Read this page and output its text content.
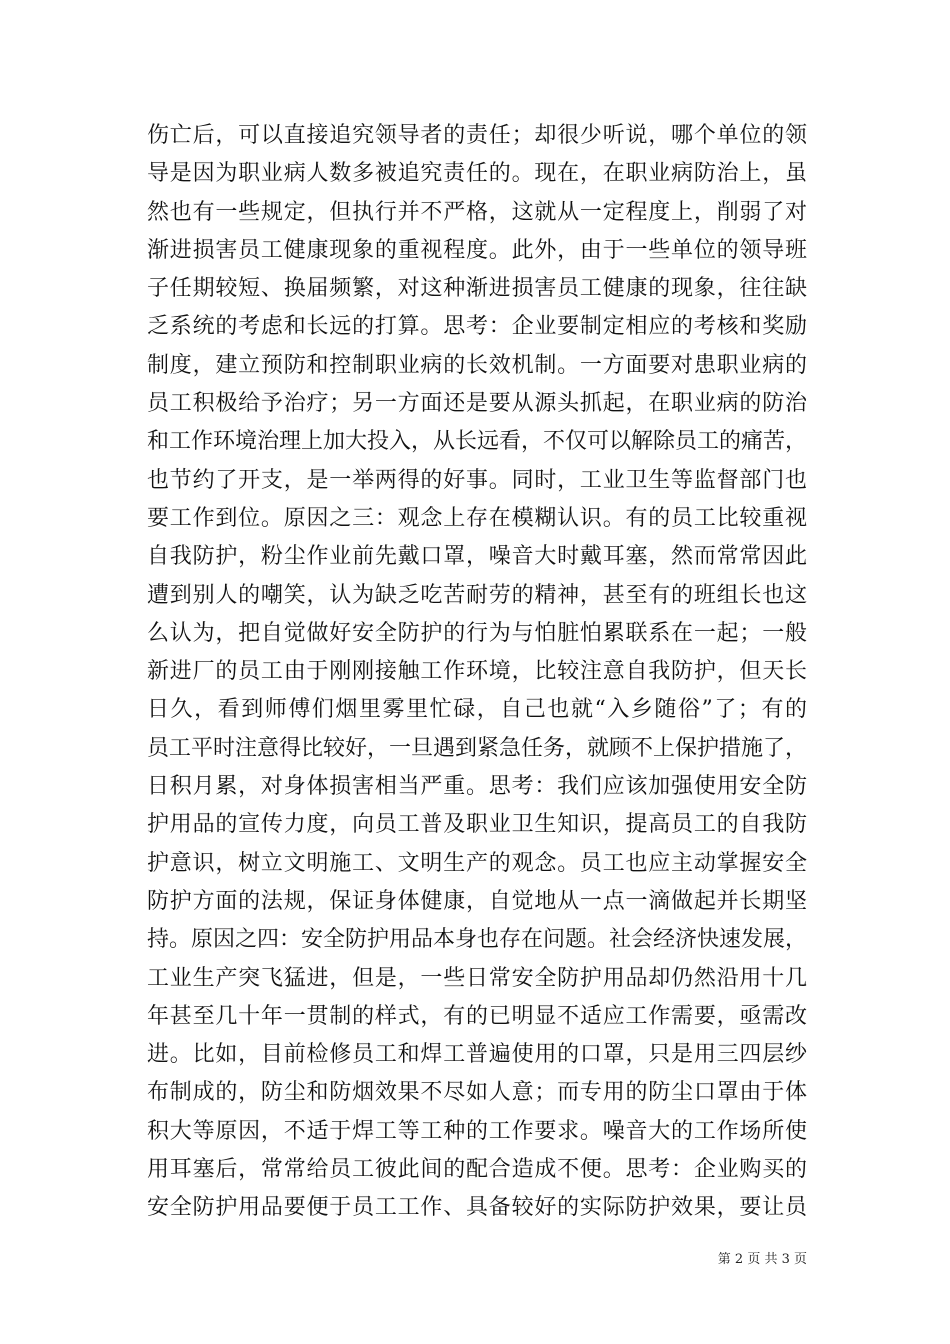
伤亡后，可以直接追究领导者的责任；却很少听说，哪个单位的领
导是因为职业病人数多被追究责任的。现在，在职业病防治上，虽
然也有一些规定，但执行并不严格，这就从一定程度上，削弱了对
渐进损害员工健康现象的重视程度。此外，由于一些单位的领导班
子任期较短、换届频繁，对这种渐进损害员工健康的现象，往往缺
乏系统的考虑和长远的打算。思考：企业要制定相应的考核和奖励
制度，建立预防和控制职业病的长效机制。一方面要对患职业病的
员工积极给予治疗；另一方面还是要从源头抓起，在职业病的防治
和工作环境治理上加大投入，从长远看，不仅可以解除员工的痛苦，
也节约了开支，是一举两得的好事。同时，工业卫生等监督部门也
要工作到位。原因之三：观念上存在模糊认识。有的员工比较重视
自我防护，粉尘作业前先戴口罩，噪音大时戴耳塞，然而常常因此
遭到别人的嘲笑，认为缺乏吃苦耐劳的精神，甚至有的班组长也这
么认为，把自觉做好安全防护的行为与怕脏怕累联系在一起；一般
新进厂的员工由于刚刚接触工作环境，比较注意自我防护，但天长
日久，看到师傅们烟里雾里忙碌，自己也就“入乡随俗”了；有的
员工平时注意得比较好，一旦遇到紧急任务，就顾不上保护措施了，
日积月累，对身体损害相当严重。思考：我们应该加强使用安全防
护用品的宣传力度，向员工普及职业卫生知识，提高员工的自我防
护意识，树立文明施工、文明生产的观念。员工也应主动掌握安全
防护方面的法规，保证身体健康，自觉地从一点一滴做起并长期坚
持。原因之四：安全防护用品本身也存在问题。社会经济快速发展，
工业生产突飞猛进，但是，一些日常安全防护用品却仍然沿用十几
年甚至几十年一贯制的样式，有的已明显不适应工作需要，亟需改
进。比如，目前检修员工和焊工普遍使用的口罩，只是用三四层纱
布制成的，防尘和防烟效果不尽如人意；而专用的防尘口罩由于体
积大等原因，不适于焊工等工种的工作要求。噪音大的工作场所使
用耳塞后，常常给员工彼此间的配合造成不便。思考：企业购买的
安全防护用品要便于员工工作、具备较好的实际防护效果，要让员
第 2 页 共 3 页
